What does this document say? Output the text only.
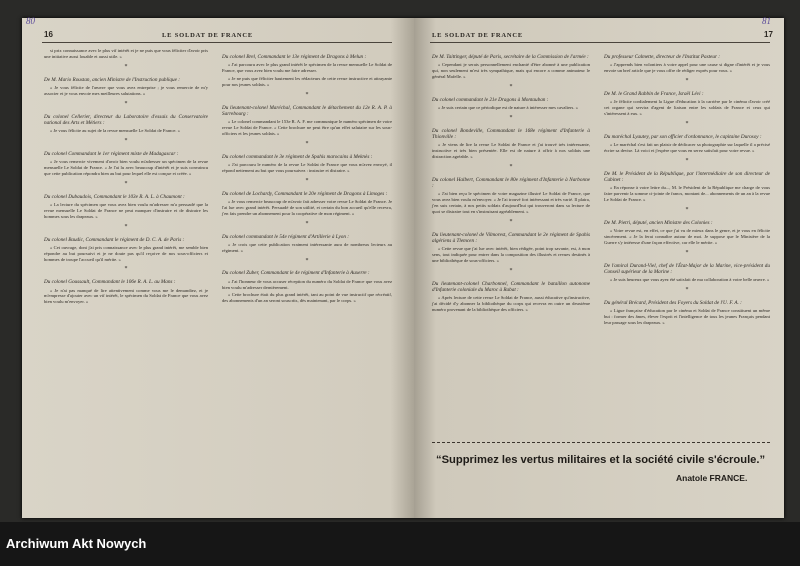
16	LE SOLDAT DE FRANCE

si prix connaissance avec le plus vif intérêt et je ne puis que vous féliciter d'avoir pris une initiative aussi louable et aussi utile. »

*

De M. Mario Roustan, ancien Ministre de l'Instruction publique :

« Je vous félicite de l'œuvre que vous avez entreprise ; je vous remercie de m'y associer et je vous envoie mes meilleures salutations. »

*

Du colonel Cellerier, directeur du Laboratoire d'essais du Conservatoire national des Arts et Métiers :

« Je vous félicite au sujet de la revue mensuelle Le Soldat de France. »

*

Du colonel Commandant le 1er régiment mixte de Madagascar :

« Je vous remercie vivement d'avoir bien voulu m'adresser un spécimen de la revue mensuelle Le Soldat de France. « Je l'ai lu avec beaucoup d'intérêt et je suis convaincu que cette publication répondra bien au but pour lequel elle est conçue et créée. »

*

Du colonel Dubaudois, Commandant le 103e R. A. L. à Chaumont :

« La lecture du spécimen que vous avez bien voulu m'adresser m'a persuadé que la revue mensuelle Le Soldat de France ne peut manquer d'instruire et de distraire les hommes sous les drapeaux. »

*

Du colonel Baudic, Commandant le régiment de D. C. A. de Paris :

« Cet ouvrage, dont j'ai pris connaissance avec le plus grand intérêt, me semble bien répondre au but poursuivi et je ne doute pas qu'il reçoive de nos sous-officiers et hommes de troupe l'accueil qu'il mérite. »

*

Du colonel Goussault, Commandant le 106e R. A. L. au Mans :

« Je n'ai pas manqué de lire attentivement comme vous me le demandiez, et je m'empresse d'ajouter avec un vif intérêt, le spécimen du Soldat de France que vous avez bien voulu m'envoyer. »

Du colonel Brel, Commandant le 13e régiment de Dragons à Melun :

« J'ai parcouru avec le plus grand intérêt le spécimen de la revue mensuelle Le Soldat de France, que vous avez bien voulu me faire adresser.

« Je ne puis que féliciter hautement les rédacteurs de cette revue instructive et attrayante pour nos jeunes soldats. »

*

Du lieutenant-colonel Maréchal, Commandant le détachement du 12e R. A. P. à Sarrebourg :

« Le colonel commandant le 153e R. A. F. me communique le numéro spécimen de votre revue Le Soldat de France. « Cette brochure ne peut être qu'un effet salutaire sur les sous-officiers et les jeunes soldats. »

*

Du colonel commandant le 3e régiment de Spahis marocains à Meknès :

« J'ai parcouru le numéro de la revue Le Soldat de France que vous m'avez envoyé, il répond nettement au but que vous poursuivez : instruire et distraire. »

*

Du colonel de Lochardy, Commandant le 20e régiment de Dragons à Limoges :

« Je vous remercie beaucoup de m'avoir fait adresser votre revue Le Soldat de France. Je l'ai lue avec grand intérêt. Persuadé de son utilité, et certain du bon accueil qu'elle recevra, j'en fais prendre un abonnement pour la coopérative de mon régiment. »

*

Du colonel commandant le 54e régiment d'Artillerie à Lyon :

« Je crois que cette publication vraiment intéressante aura de nombreux lecteurs au régiment. »

*

Du colonel Zuber, Commandant le 4e régiment d'Infanterie à Auxerre :

« J'ai l'honneur de vous accuser réception du numéro du Soldat de France que vous avez bien voulu m'adresser dernièrement.

« Cette brochure était du plus grand intérêt, tant au point de vue instructif que récréatif, des abonnements d'un an seront souscrits, dès maintenant, par le corps. »

LE SOLDAT DE FRANCE	17

De M. Taittinger, député de Paris, secrétaire de la Commission de l'armée :

« Cependant je serais personnellement enchanté d'être abonné à une publication qui, non seulement m'est très sympathique, mais qui encore a comme animateur le général Mafelle. »

*

Du colonel commandant le 21e Dragons à Montauban :

« Je suis certain que ce périodique est de nature à intéresser mes cavaliers. »

*

Du colonel Bondeville, Commandant le 168e régiment d'Infanterie à Thionville :

« Je viens de lire la revue Le Soldat de France et j'ai trouvé très intéressante, instructive et très bien présentée. Elle est de nature à offrir à nos soldats une distraction agréable. »

*

Du colonel Halbert, Commandant le 80e régiment d'Infanterie à Narbonne :

« J'ai bien reçu le spécimen de votre magazine illustré Le Soldat de France, que vous avez bien voulu m'envoyer. « Je l'ai trouvé fort intéressant et très varié. Il plaira, j'en suis certain, à nos petits soldats d'aujourd'hui qui trouveront dans sa lecture de quoi se distraire tout en s'instruisant agréablement. »

*

Du lieutenant-colonel de Vilmorest, Commandant le 2e régiment de Spahis algériens à Tlemcen :

« Cette revue que j'ai lue avec intérêt, bien rédigée, point trop savante, est, à mon sens, tout indiquée pour entrer dans la composition des illustrés et revues destinés à une bibliothèque de sous-officiers. »

*

Du lieutenant-colonel Charbonnel, Commandant le bataillon autonome d'Infanterie coloniale du Maroc à Rabat :

« Après lecture de cette revue Le Soldat de France, aussi éducative qu'instructive, j'ai décidé d'y abonner la bibliothèque du corps qui recevra en outre un deuxième numéro provenant de la bibliothèque des officiers. »

Du professeur Calmette, directeur de l'Institut Pasteur :

« J'apprends bien volontiers à votre appel pour une cause si digne d'intérêt et je vous envoie un bref article que je vous offre de rédiger exprès pour vous. »

*

De M. le Grand Rabbin de France, Israël Lévi :

« Je félicite cordialement la Ligue d'éducation à la carrière par le cinéma d'avoir créé cet organe qui servira d'agent de liaison entre les soldats de France et ceux qui s'intéressent à eux. »

*

Du maréchal Lyautey, par son officier d'ordonnance, le capitaine Durosoy :

« Le maréchal s'est fait un plaisir de dédicacer sa photographie sur laquelle il a précisé écrire sa devise. Là voici et j'espère que vous en serez satisfait pour votre revue. »

*

De M. le Président de la République, par l'intermédiaire de son directeur de Cabinet :

« En réponse à votre lettre du..., M. le Président de la République me charge de vous faire parvenir la somme ci-jointe de francs, montant de... abonnements de un an à la revue Le Soldat de France. »

*

De M. Pietri, député, ancien Ministre des Colonies :

« Votre revue est, en effet, ce que j'ai vu de mieux dans le genre, et je vous en félicite sincèrement. « Je la ferai connaître autour de moi. Je suppose que le Ministère de la Guerre s'y intéresse d'une façon effective, car elle le mérite. »

*

De l'amiral Durand-Viel, chef de l'État-Major de la Marine, vice-président du Conseil supérieur de la Marine :

« Je suis heureux que vous ayez été satisfait de ma collaboration à votre belle œuvre. »

*

Du général Brécard, Président des Foyers du Soldat de l'U. F. A. :

« Ligue française d'éducation par le cinéma et Soldat de France constituent un même but : former des âmes, élever l'esprit et l'intelligence de tous les jeunes Français pendant leur passage sous les drapeaux. »

“Supprimez les vertus militaires et la société civile s'écroule.”
Anatole FRANCE.
80	81
Archiwum Akt Nowych
